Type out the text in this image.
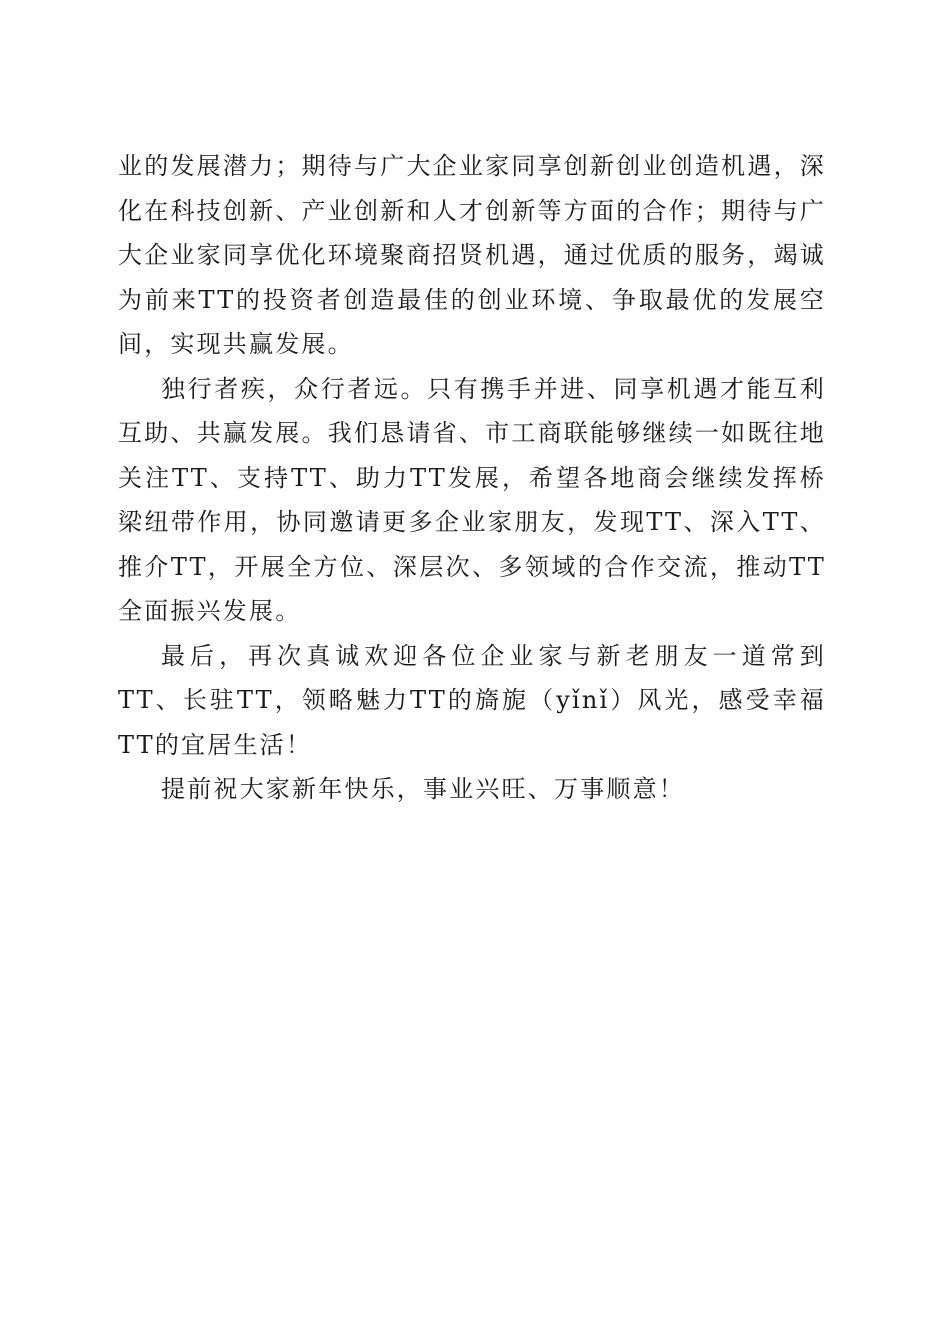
业的发展潜力；期待与广大企业家同享创新创业创造机遇，深化在科技创新、产业创新和人才创新等方面的合作；期待与广大企业家同享优化环境聚商招贤机遇，通过优质的服务，竭诚为前来TT的投资者创造最佳的创业环境、争取最优的发展空间，实现共赢发展。

独行者疾，众行者远。只有携手并进、同享机遇才能互利互助、共赢发展。我们恳请省、市工商联能够继续一如既往地关注TT、支持TT、助力TT发展，希望各地商会继续发挥桥梁纽带作用，协同邀请更多企业家朋友，发现TT、深入TT、推介TT，开展全方位、深层次、多领域的合作交流，推动TT全面振兴发展。

最后，再次真诚欢迎各位企业家与新老朋友一道常到TT、长驻TT，领略魅力TT的旖旎（yǐnǐ）风光，感受幸福TT的宜居生活！

提前祝大家新年快乐，事业兴旺、万事顺意！
